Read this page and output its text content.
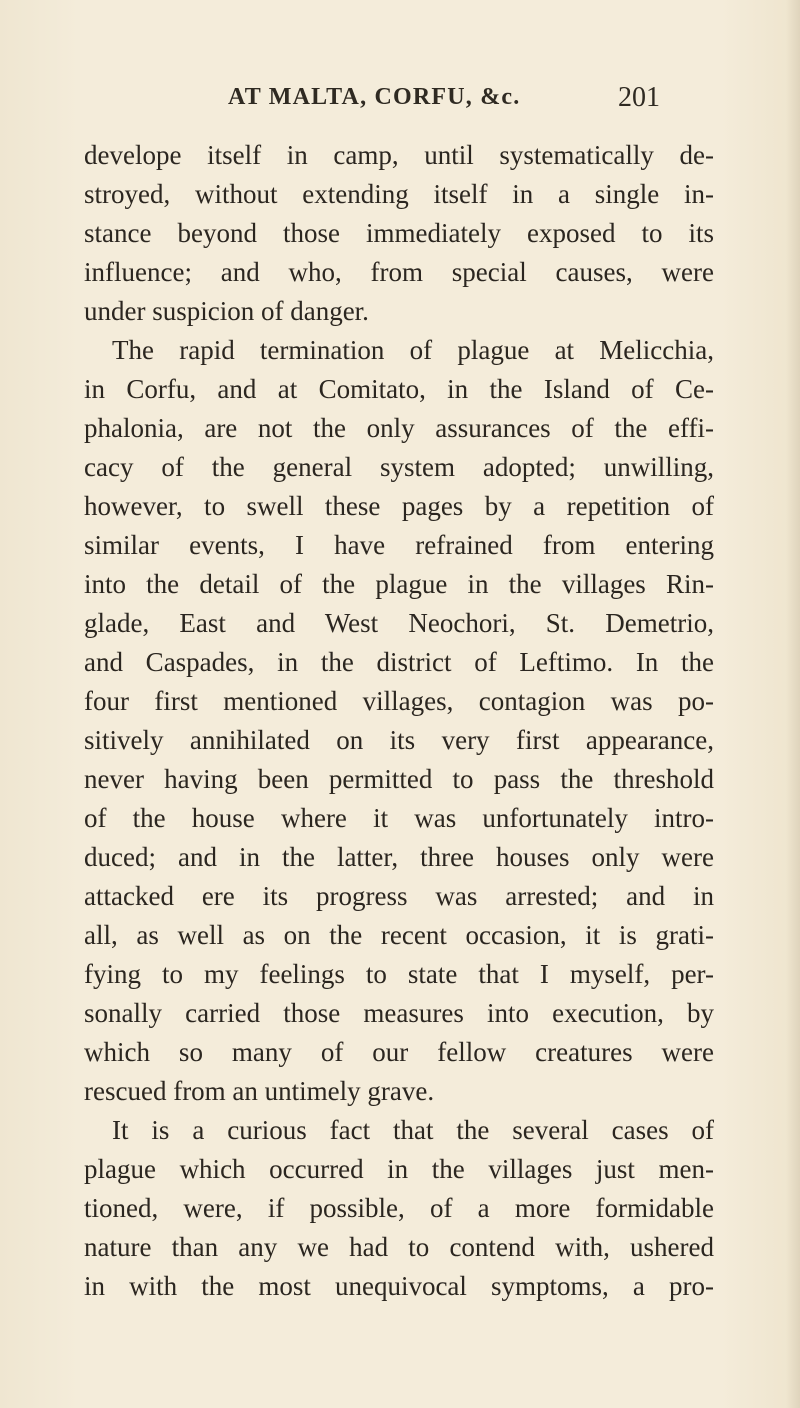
AT MALTA, CORFU, &c.	201
develope itself in camp, until systematically de-
stroyed, without extending itself in a single in-
stance beyond those immediately exposed to its
influence; and who, from special causes, were
under suspicion of danger.
The rapid termination of plague at Melicchia,
in Corfu, and at Comitato, in the Island of Ce-
phalonia, are not the only assurances of the effi-
cacy of the general system adopted; unwilling,
however, to swell these pages by a repetition of
similar events, I have refrained from entering
into the detail of the plague in the villages Rin-
glade, East and West Neochori, St. Demetrio,
and Caspades, in the district of Leftimo. In the
four first mentioned villages, contagion was po-
sitively annihilated on its very first appearance,
never having been permitted to pass the threshold
of the house where it was unfortunately intro-
duced; and in the latter, three houses only were
attacked ere its progress was arrested; and in
all, as well as on the recent occasion, it is grati-
fying to my feelings to state that I myself, per-
sonally carried those measures into execution, by
which so many of our fellow creatures were
rescued from an untimely grave.
It is a curious fact that the several cases of
plague which occurred in the villages just men-
tioned, were, if possible, of a more formidable
nature than any we had to contend with, ushered
in with the most unequivocal symptoms, a pro-
